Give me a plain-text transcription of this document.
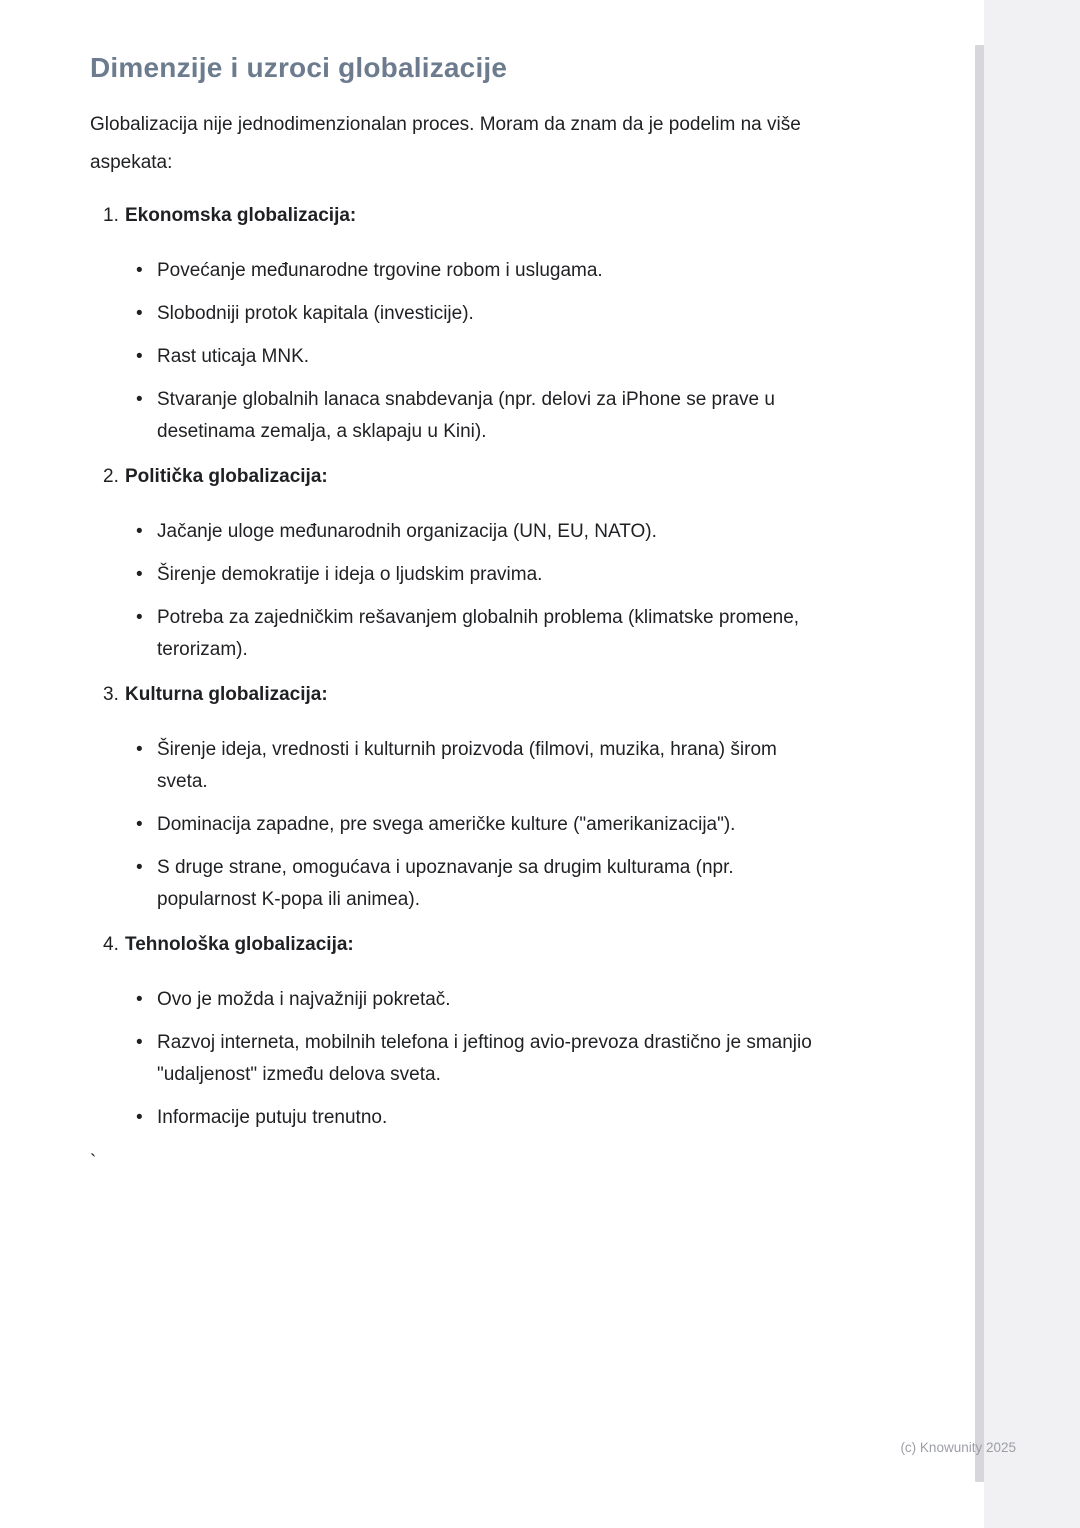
(c) Knowunity 2025
Dimenzije i uzroci globalizacije

Globalizacija nije jednodimenzionalan proces. Moram da znam da je podelim na više aspekata:

1. Ekonomska globalizacija:
• Povećanje međunarodne trgovine robom i uslugama.
• Slobodniji protok kapitala (investicije).
• Rast uticaja MNK.
• Stvaranje globalnih lanaca snabdevanja (npr. delovi za iPhone se prave u desetinama zemalja, a sklapaju u Kini).
2. Politička globalizacija:
• Jačanje uloge međunarodnih organizacija (UN, EU, NATO).
• Širenje demokratije i ideja o ljudskim pravima.
• Potreba za zajedničkim rešavanjem globalnih problema (klimatske promene, terorizam).
3. Kulturna globalizacija:
• Širenje ideja, vrednosti i kulturnih proizvoda (filmovi, muzika, hrana) širom sveta.
• Dominacija zapadne, pre svega američke kulture ("amerikanizacija").
• S druge strane, omogućava i upoznavanje sa drugim kulturama (npr. popularnost K-popa ili animea).
4. Tehnološka globalizacija:
• Ovo je možda i najvažniji pokretač.
• Razvoj interneta, mobilnih telefona i jeftinog avio-prevoza drastično je smanjio "udaljenost" između delova sveta.
• Informacije putuju trenutno.
`
